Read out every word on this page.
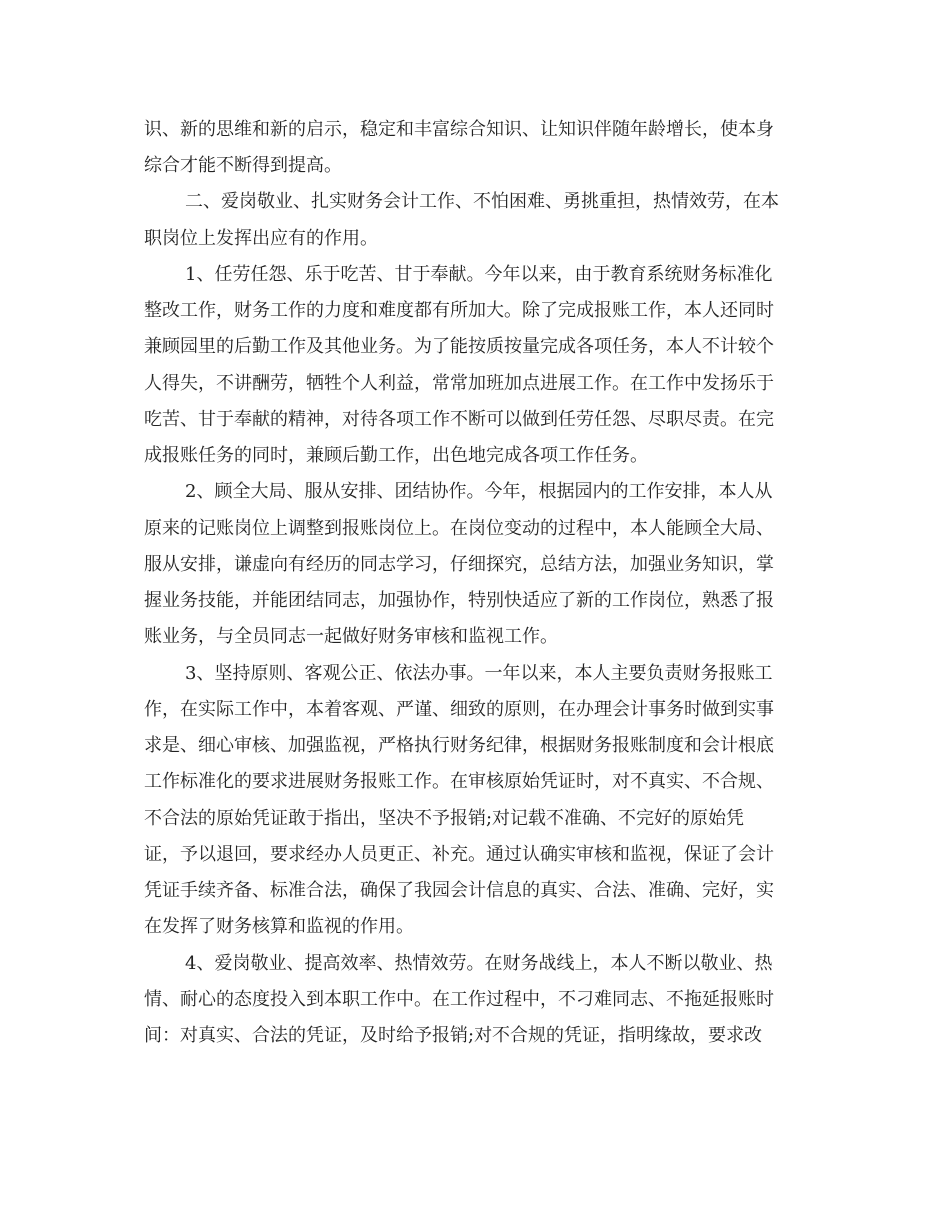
识、新的思维和新的启示，稳定和丰富综合知识、让知识伴随年龄增长，使本身
综合才能不断得到提高。
二、爱岗敬业、扎实财务会计工作、不怕困难、勇挑重担，热情效劳，在本
职岗位上发挥出应有的作用。
1、任劳任怨、乐于吃苦、甘于奉献。今年以来，由于教育系统财务标准化
整改工作，财务工作的力度和难度都有所加大。除了完成报账工作，本人还同时
兼顾园里的后勤工作及其他业务。为了能按质按量完成各项任务，本人不计较个
人得失，不讲酬劳，牺牲个人利益，常常加班加点进展工作。在工作中发扬乐于
吃苦、甘于奉献的精神，对待各项工作不断可以做到任劳任怨、尽职尽责。在完
成报账任务的同时，兼顾后勤工作，出色地完成各项工作任务。
2、顾全大局、服从安排、团结协作。今年，根据园内的工作安排，本人从
原来的记账岗位上调整到报账岗位上。在岗位变动的过程中，本人能顾全大局、
服从安排，谦虚向有经历的同志学习，仔细探究，总结方法，加强业务知识，掌
握业务技能，并能团结同志，加强协作，特别快适应了新的工作岗位，熟悉了报
账业务，与全员同志一起做好财务审核和监视工作。
3、坚持原则、客观公正、依法办事。一年以来，本人主要负责财务报账工
作，在实际工作中，本着客观、严谨、细致的原则，在办理会计事务时做到实事
求是、细心审核、加强监视，严格执行财务纪律，根据财务报账制度和会计根底
工作标准化的要求进展财务报账工作。在审核原始凭证时，对不真实、不合规、
不合法的原始凭证敢于指出，坚决不予报销;对记载不准确、不完好的原始凭
证，予以退回，要求经办人员更正、补充。通过认确实审核和监视，保证了会计
凭证手续齐备、标准合法，确保了我园会计信息的真实、合法、准确、完好，实
在发挥了财务核算和监视的作用。
4、爱岗敬业、提高效率、热情效劳。在财务战线上，本人不断以敬业、热
情、耐心的态度投入到本职工作中。在工作过程中，不刁难同志、不拖延报账时
间：对真实、合法的凭证，及时给予报销;对不合规的凭证，指明缘故，要求改
